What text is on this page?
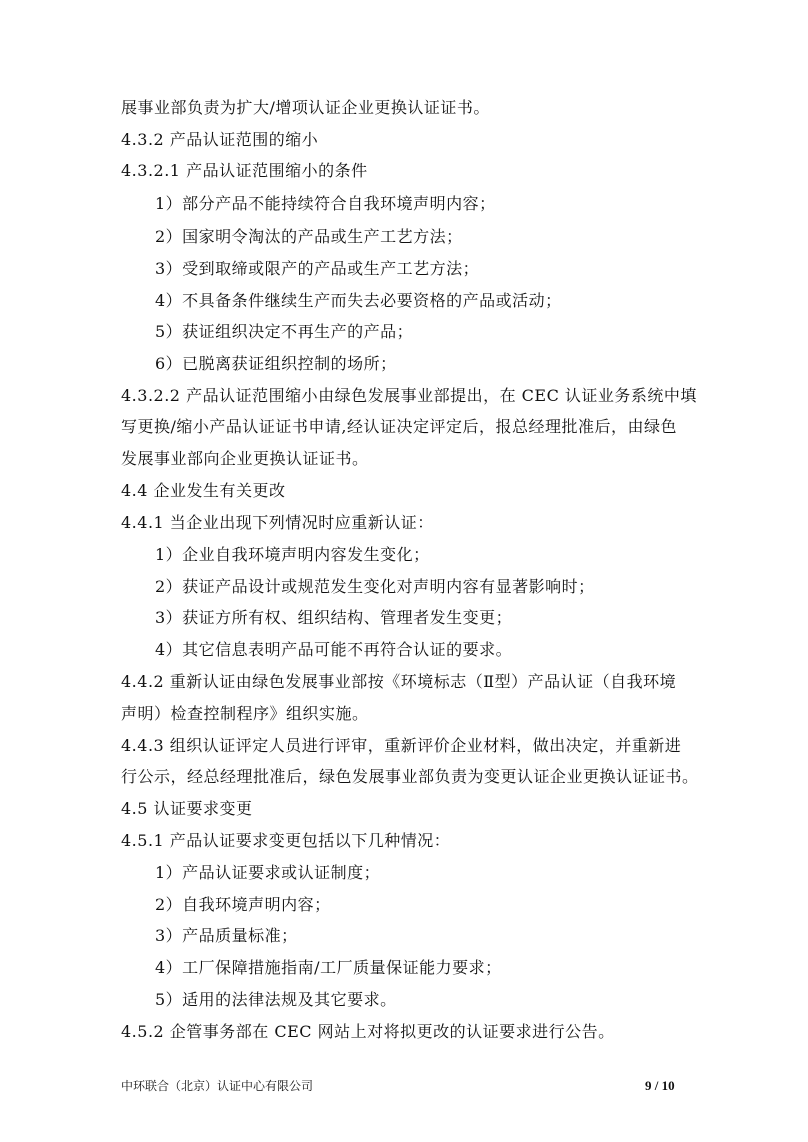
展事业部负责为扩大/增项认证企业更换认证证书。
4.3.2 产品认证范围的缩小
4.3.2.1 产品认证范围缩小的条件
1）部分产品不能持续符合自我环境声明内容；
2）国家明令淘汰的产品或生产工艺方法；
3）受到取缔或限产的产品或生产工艺方法；
4）不具备条件继续生产而失去必要资格的产品或活动；
5）获证组织决定不再生产的产品；
6）已脱离获证组织控制的场所；
4.3.2.2 产品认证范围缩小由绿色发展事业部提出，在 CEC 认证业务系统中填
写更换/缩小产品认证证书申请,经认证决定评定后，报总经理批准后，由绿色
发展事业部向企业更换认证证书。
4.4 企业发生有关更改
4.4.1 当企业出现下列情况时应重新认证：
1）企业自我环境声明内容发生变化；
2）获证产品设计或规范发生变化对声明内容有显著影响时；
3）获证方所有权、组织结构、管理者发生变更；
4）其它信息表明产品可能不再符合认证的要求。
4.4.2 重新认证由绿色发展事业部按《环境标志（Ⅱ型）产品认证（自我环境
声明）检查控制程序》组织实施。
4.4.3 组织认证评定人员进行评审，重新评价企业材料，做出决定，并重新进
行公示，经总经理批准后，绿色发展事业部负责为变更认证企业更换认证证书。
4.5 认证要求变更
4.5.1 产品认证要求变更包括以下几种情况：
1）产品认证要求或认证制度；
2）自我环境声明内容；
3）产品质量标准；
4）工厂保障措施指南/工厂质量保证能力要求；
5）适用的法律法规及其它要求。
4.5.2 企管事务部在 CEC 网站上对将拟更改的认证要求进行公告。
中环联合（北京）认证中心有限公司	9 / 10
